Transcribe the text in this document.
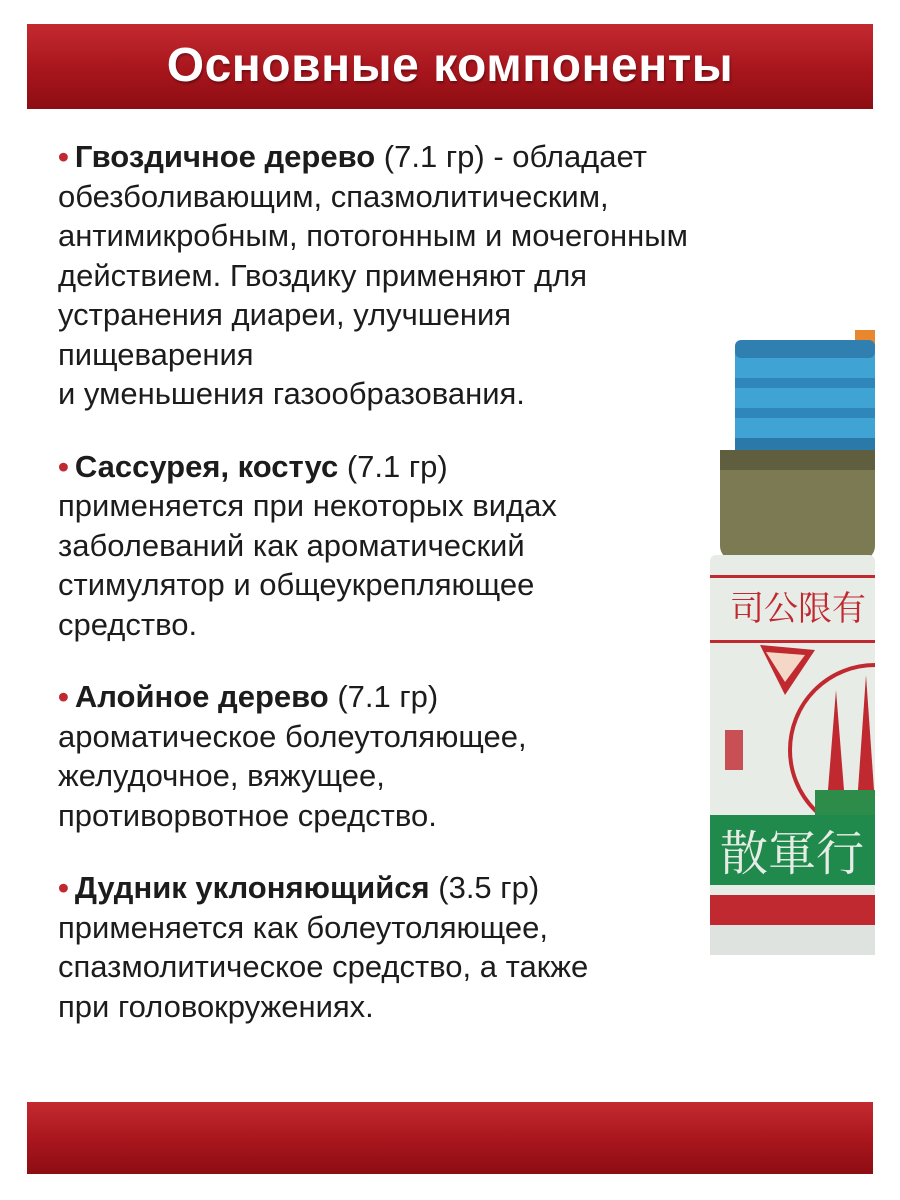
Основные компоненты
司公限有
散軍行

• Гвоздичное дерево (7.1 гр) - обладает
обезболивающим, спазмолитическим,
антимикробным, потогонным и мочегонным
действием. Гвоздику применяют для
устранения диареи, улучшения
пищеварения
и уменьшения газообразования.

• Сассурея, костус (7.1 гр)
применяется при некоторых видах
заболеваний как ароматический
стимулятор и общеукрепляющее
средство.

• Алойное дерево (7.1 гр)
ароматическое болеутоляющее,
желудочное, вяжущее,
противорвотное средство.

• Дудник уклоняющийся (3.5 гр)
применяется как болеутоляющее,
спазмолитическое средство, а также
при головокружениях.
